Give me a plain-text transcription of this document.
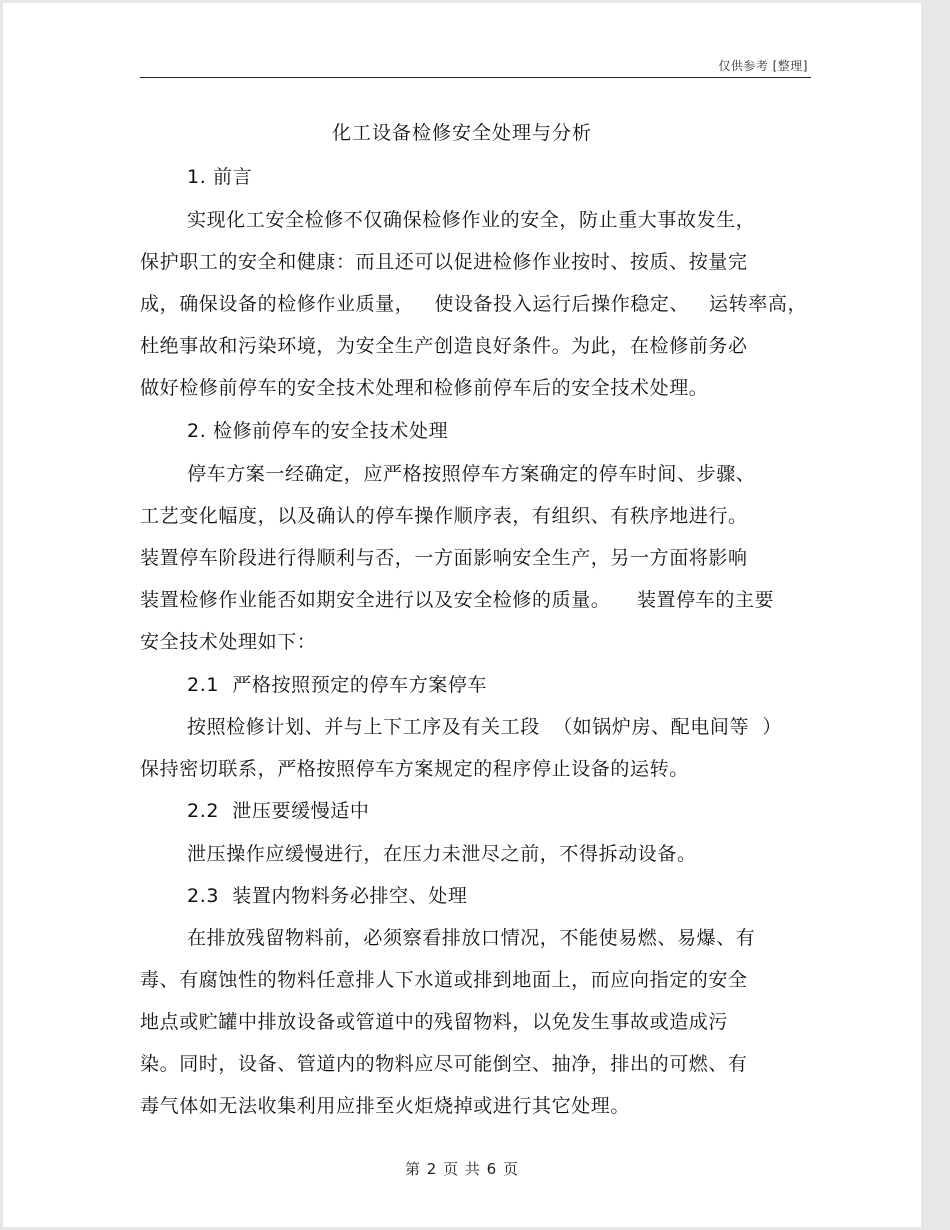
仅供参考 [整理]
化工设备检修安全处理与分析
1. 前言
实现化工安全检修不仅确保检修作业的安全，防止重大事故发生，
保护职工的安全和健康：而且还可以促进检修作业按时、按质、按量完
成，确保设备的检修作业质量，   使设备投入运行后操作稳定、   运转率高，
杜绝事故和污染环境，为安全生产创造良好条件。为此，在检修前务必
做好检修前停车的安全技术处理和检修前停车后的安全技术处理。
2. 检修前停车的安全技术处理
停车方案一经确定，应严格按照停车方案确定的停车时间、步骤、
工艺变化幅度，以及确认的停车操作顺序表，有组织、有秩序地进行。
装置停车阶段进行得顺利与否，一方面影响安全生产，另一方面将影响
装置检修作业能否如期安全进行以及安全检修的质量。    装置停车的主要
安全技术处理如下：
2.1  严格按照预定的停车方案停车
按照检修计划、并与上下工序及有关工段  （如锅炉房、配电间等  ）
保持密切联系，严格按照停车方案规定的程序停止设备的运转。
2.2  泄压要缓慢适中
泄压操作应缓慢进行，在压力未泄尽之前，不得拆动设备。
2.3  装置内物料务必排空、处理
在排放残留物料前，必须察看排放口情况，不能使易燃、易爆、有
毒、有腐蚀性的物料任意排人下水道或排到地面上，而应向指定的安全
地点或贮罐中排放设备或管道中的残留物料，以免发生事故或造成污
染。同时，设备、管道内的物料应尽可能倒空、抽净，排出的可燃、有
毒气体如无法收集利用应排至火炬烧掉或进行其它处理。
第 2 页 共 6 页
